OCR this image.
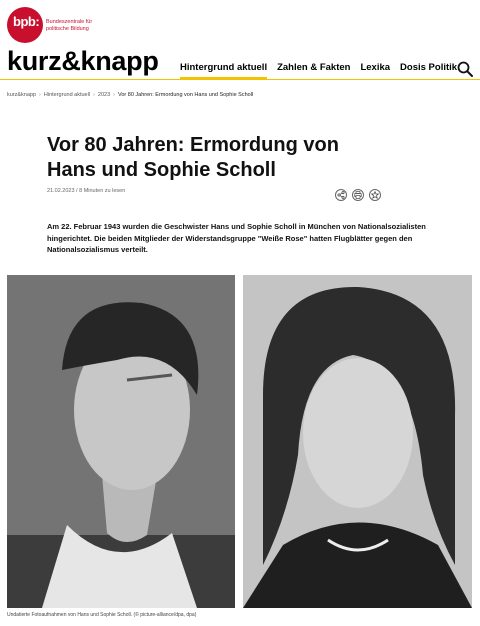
bpb: Bundeszentrale für
politische Bildung
kurz&knapp Hintergrund aktuell Zahlen & Fakten Lexika Dosis Politik
kurz&knapp › Hintergrund aktuell › 2023 › Vor 80 Jahren: Ermordung von Hans und Sophie Scholl
Vor 80 Jahren: Ermordung von Hans und Sophie Scholl
21.02.2023 / 8 Minuten zu lesen

Am 22. Februar 1943 wurden die Geschwister Hans und Sophie Scholl in München von Nationalsozialisten hingerichtet. Die beiden Mitglieder der Widerstandsgruppe "Weiße Rose" hatten Flugblätter gegen den Nationalsozialismus verteilt.

Undatierte Fotoaufnahmen von Hans und Sophie Scholl. (© picture-alliance/dpa, dpa)
